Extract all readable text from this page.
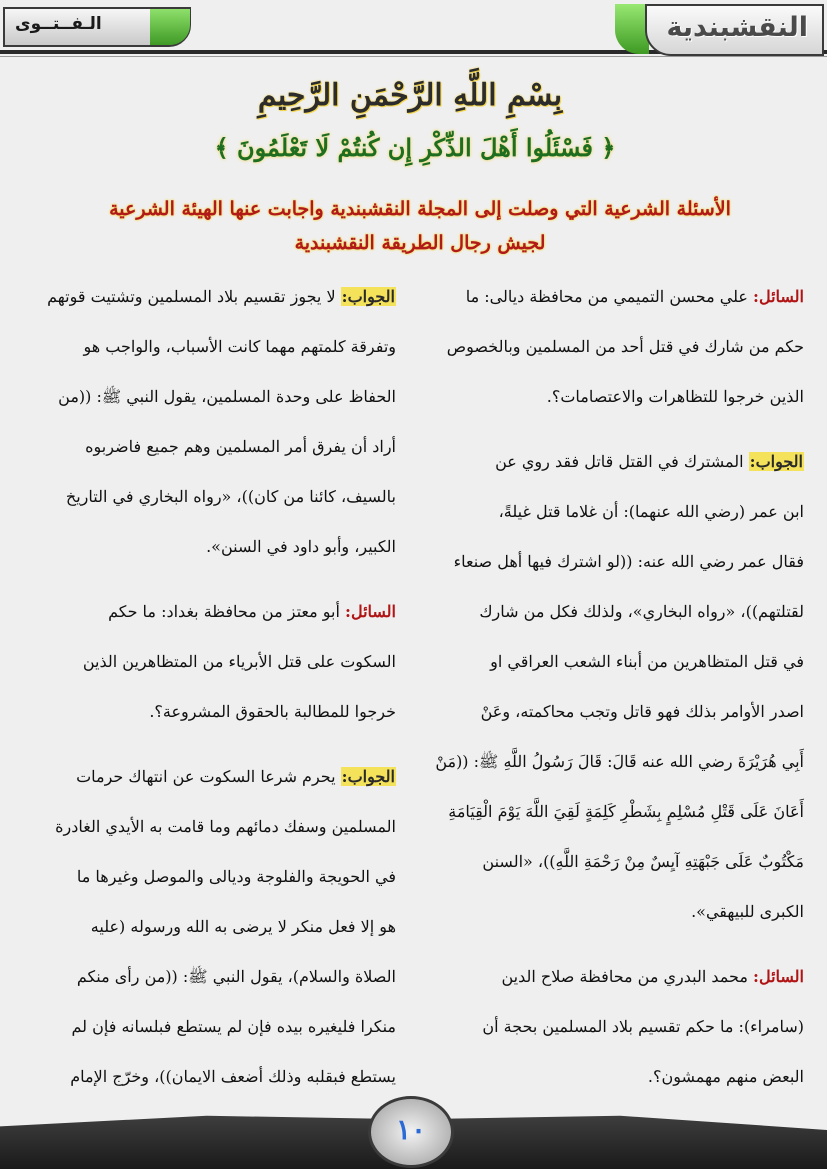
الـفــتــوى	النقشبندية
بِسْمِ اللَّهِ الرَّحْمَنِ الرَّحِيمِ
﴿ فَسْئَلُوا أَهْلَ الذِّكْرِ إِن كُنتُمْ لَا تَعْلَمُونَ ﴾
الأسئلة الشرعية التي وصلت إلى المجلة النقشبندية واجابت عنها الهيئة الشرعية
لجيش رجال الطريقة النقشبندية
السائل: علي محسن التميمي من محافظة ديالى: ما
حكم من شارك في قتل أحد من المسلمين وبالخصوص
الذين خرجوا للتظاهرات والاعتصامات؟.
الجواب: المشترك في القتل قاتل فقد روي عن
ابن عمر (رضي الله عنهما): أن غلاما قتل غيلةً،
فقال عمر رضي الله عنه: ((لو اشترك فيها أهل صنعاء
لقتلتهم))، «رواه البخاري»، ولذلك فكل من شارك
في قتل المتظاهرين من أبناء الشعب العراقي او
اصدر الأوامر بذلك فهو قاتل وتجب محاكمته، وعَنْ
أَبِي هُرَيْرَةَ رضي الله عنه قَالَ: قَالَ رَسُولُ اللَّهِ ﷺ: ((مَنْ
أَعَانَ عَلَى قَتْلِ مُسْلِمٍ بِشَطْرِ كَلِمَةٍ لَقِيَ اللَّهَ يَوْمَ الْقِيَامَةِ
مَكْتُوبٌ عَلَى جَبْهَتِهِ آيِسٌ مِنْ رَحْمَةِ اللَّهِ))، «السنن
الكبرى للبيهقي».
السائل: محمد البدري من محافظة صلاح الدين
(سامراء): ما حكم تقسيم بلاد المسلمين بحجة أن
البعض منهم مهمشون؟.
الجواب: لا يجوز تقسيم بلاد المسلمين وتشتيت قوتهم
وتفرقة كلمتهم مهما كانت الأسباب، والواجب هو
الحفاظ على وحدة المسلمين، يقول النبي ﷺ: ((من
أراد أن يفرق أمر المسلمين وهم جميع فاضربوه
بالسيف، كائنا من كان))، «رواه البخاري في التاريخ
الكبير، وأبو داود في السنن».
السائل: أبو معتز من محافظة بغداد: ما حكم
السكوت على قتل الأبرياء من المتظاهرين الذين
خرجوا للمطالبة بالحقوق المشروعة؟.
الجواب: يحرم شرعا السكوت عن انتهاك حرمات
المسلمين وسفك دمائهم وما قامت به الأيدي الغادرة
في الحويجة والفلوجة وديالى والموصل وغيرها ما
هو إلا فعل منكر لا يرضى به الله ورسوله (عليه
الصلاة والسلام)، يقول النبي ﷺ: ((من رأى منكم
منكرا فليغيره بيده فإن لم يستطع فبلسانه فإن لم
يستطع فبقلبه وذلك أضعف الايمان))، وخرّج الإمام
١٠
